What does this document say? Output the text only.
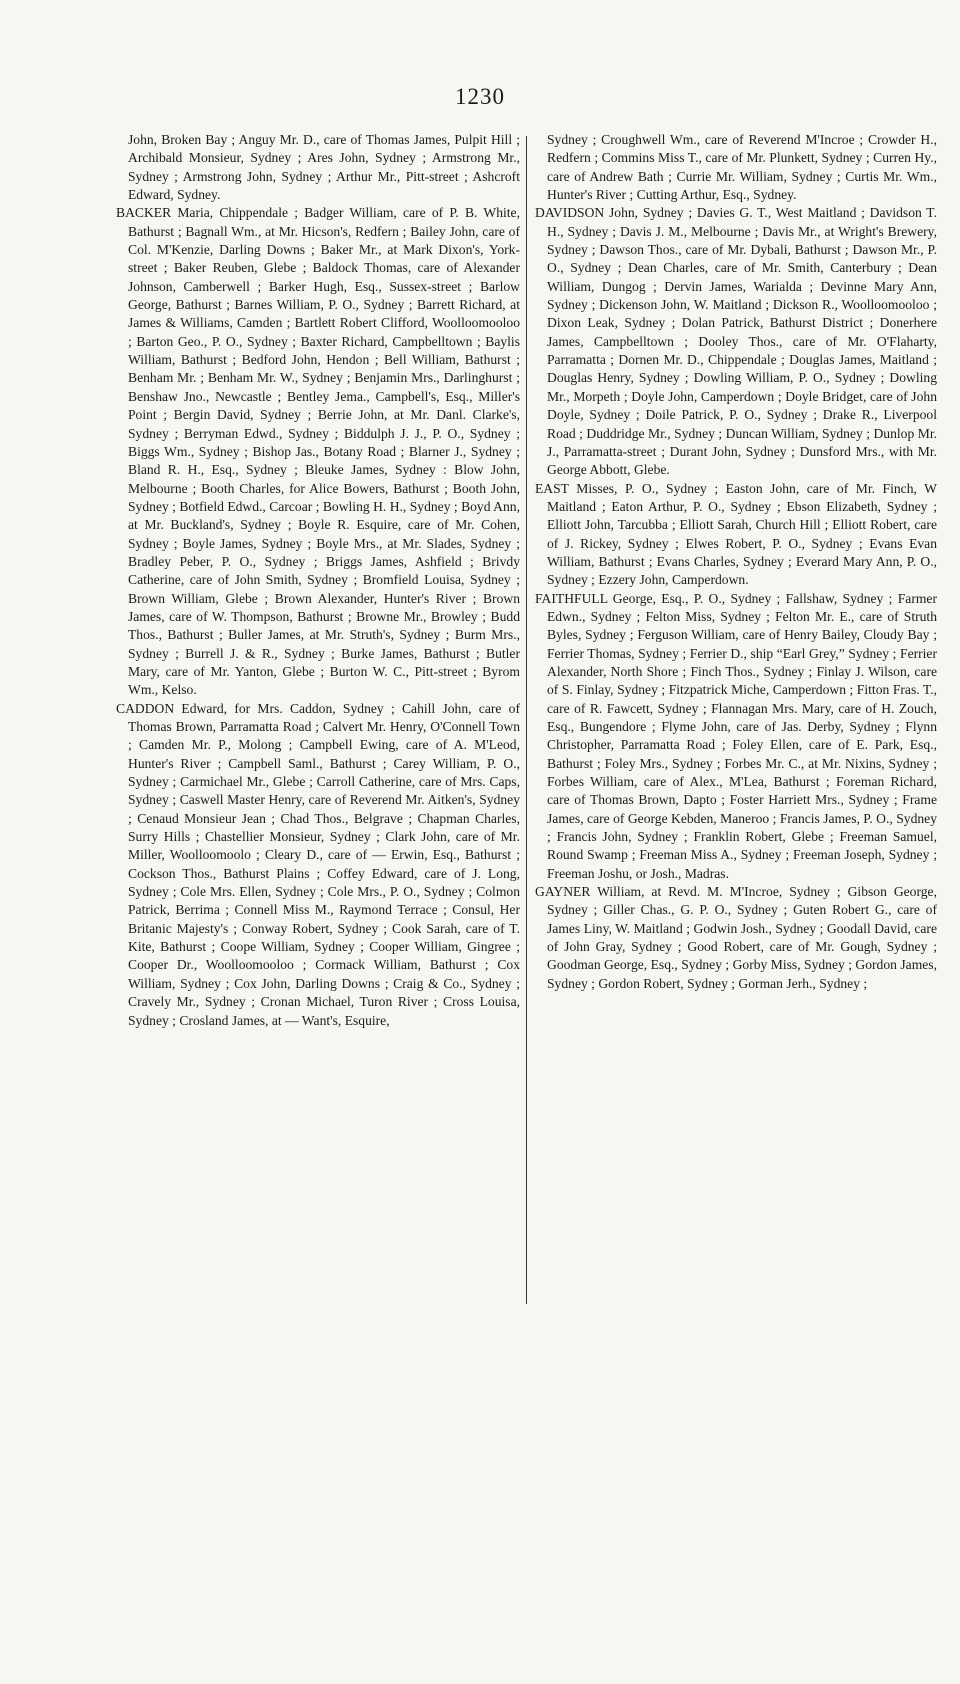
1230

John, Broken Bay ; Anguy Mr. D., care of Thomas James, Pulpit Hill ; Archibald Monsieur, Sydney ; Ares John, Sydney ; Armstrong Mr., Sydney ; Armstrong John, Sydney ; Arthur Mr., Pitt-street ; Ashcroft Edward, Sydney.

BACKER Maria, Chippendale ; Badger William, care of P. B. White, Bathurst ; Bagnall Wm., at Mr. Hicson's, Redfern ; Bailey John, care of Col. M'Kenzie, Darling Downs ; Baker Mr., at Mark Dixon's, York-street ; Baker Reuben, Glebe ; Baldock Thomas, care of Alexander Johnson, Camberwell ; Barker Hugh, Esq., Sussex-street ; Barlow George, Bathurst ; Barnes William, P. O., Sydney ; Barrett Richard, at James & Williams, Camden ; Bartlett Robert Clifford, Woolloomooloo ; Barton Geo., P. O., Sydney ; Baxter Richard, Campbelltown ; Baylis William, Bathurst ; Bedford John, Hendon ; Bell William, Bathurst ; Benham Mr. ; Benham Mr. W., Sydney ; Benjamin Mrs., Darlinghurst ; Benshaw Jno., Newcastle ; Bentley Jema., Campbell's, Esq., Miller's Point ; Bergin David, Sydney ; Berrie John, at Mr. Danl. Clarke's, Sydney ; Berryman Edwd., Sydney ; Biddulph J. J., P. O., Sydney ; Biggs Wm., Sydney ; Bishop Jas., Botany Road ; Blarner J., Sydney ; Bland R. H., Esq., Sydney ; Bleuke James, Sydney : Blow John, Melbourne ; Booth Charles, for Alice Bowers, Bathurst ; Booth John, Sydney ; Botfield Edwd., Carcoar ; Bowling H. H., Sydney ; Boyd Ann, at Mr. Buckland's, Sydney ; Boyle R. Esquire, care of Mr. Cohen, Sydney ; Boyle James, Sydney ; Boyle Mrs., at Mr. Slades, Sydney ; Bradley Peber, P. O., Sydney ; Briggs James, Ashfield ; Brivdy Catherine, care of John Smith, Sydney ; Bromfield Louisa, Sydney ; Brown William, Glebe ; Brown Alexander, Hunter's River ; Brown James, care of W. Thompson, Bathurst ; Browne Mr., Browley ; Budd Thos., Bathurst ; Buller James, at Mr. Struth's, Sydney ; Burm Mrs., Sydney ; Burrell J. & R., Sydney ; Burke James, Bathurst ; Butler Mary, care of Mr. Yanton, Glebe ; Burton W. C., Pitt-street ; Byrom Wm., Kelso.

CADDON Edward, for Mrs. Caddon, Sydney ; Cahill John, care of Thomas Brown, Parramatta Road ; Calvert Mr. Henry, O'Connell Town ; Camden Mr. P., Molong ; Campbell Ewing, care of A. M'Leod, Hunter's River ; Campbell Saml., Bathurst ; Carey William, P. O., Sydney ; Carmichael Mr., Glebe ; Carroll Catherine, care of Mrs. Caps, Sydney ; Caswell Master Henry, care of Reverend Mr. Aitken's, Sydney ; Cenaud Monsieur Jean ; Chad Thos., Belgrave ; Chapman Charles, Surry Hills ; Chastellier Monsieur, Sydney ; Clark John, care of Mr. Miller, Woolloomoolo ; Cleary D., care of — Erwin, Esq., Bathurst ; Cockson Thos., Bathurst Plains ; Coffey Edward, care of J. Long, Sydney ; Cole Mrs. Ellen, Sydney ; Cole Mrs., P. O., Sydney ; Colmon Patrick, Berrima ; Connell Miss M., Raymond Terrace ; Consul, Her Britanic Majesty's ; Conway Robert, Sydney ; Cook Sarah, care of T. Kite, Bathurst ; Coope William, Sydney ; Cooper William, Gingree ; Cooper Dr., Woolloomooloo ; Cormack William, Bathurst ; Cox William, Sydney ; Cox John, Darling Downs ; Craig & Co., Sydney ; Cravely Mr., Sydney ; Cronan Michael, Turon River ; Cross Louisa, Sydney ; Crosland James, at — Want's, Esquire,

Sydney ; Croughwell Wm., care of Reverend M'Incroe ; Crowder H., Redfern ; Commins Miss T., care of Mr. Plunkett, Sydney ; Curren Hy., care of Andrew Bath ; Currie Mr. William, Sydney ; Curtis Mr. Wm., Hunter's River ; Cutting Arthur, Esq., Sydney.

DAVIDSON John, Sydney ; Davies G. T., West Maitland ; Davidson T. H., Sydney ; Davis J. M., Melbourne ; Davis Mr., at Wright's Brewery, Sydney ; Dawson Thos., care of Mr. Dybali, Bathurst ; Dawson Mr., P. O., Sydney ; Dean Charles, care of Mr. Smith, Canterbury ; Dean William, Dungog ; Dervin James, Warialda ; Devinne Mary Ann, Sydney ; Dickenson John, W. Maitland ; Dickson R., Woolloomooloo ; Dixon Leak, Sydney ; Dolan Patrick, Bathurst District ; Donerhere James, Campbelltown ; Dooley Thos., care of Mr. O'Flaharty, Parramatta ; Dornen Mr. D., Chippendale ; Douglas James, Maitland ; Douglas Henry, Sydney ; Dowling William, P. O., Sydney ; Dowling Mr., Morpeth ; Doyle John, Camperdown ; Doyle Bridget, care of John Doyle, Sydney ; Doile Patrick, P. O., Sydney ; Drake R., Liverpool Road ; Duddridge Mr., Sydney ; Duncan William, Sydney ; Dunlop Mr. J., Parramatta-street ; Durant John, Sydney ; Dunsford Mrs., with Mr. George Abbott, Glebe.

EAST Misses, P. O., Sydney ; Easton John, care of Mr. Finch, W Maitland ; Eaton Arthur, P. O., Sydney ; Ebson Elizabeth, Sydney ; Elliott John, Tarcubba ; Elliott Sarah, Church Hill ; Elliott Robert, care of J. Rickey, Sydney ; Elwes Robert, P. O., Sydney ; Evans Evan William, Bathurst ; Evans Charles, Sydney ; Everard Mary Ann, P. O., Sydney ; Ezzery John, Camperdown.

FAITHFULL George, Esq., P. O., Sydney ; Fallshaw, Sydney ; Farmer Edwn., Sydney ; Felton Miss, Sydney ; Felton Mr. E., care of Struth Byles, Sydney ; Ferguson William, care of Henry Bailey, Cloudy Bay ; Ferrier Thomas, Sydney ; Ferrier D., ship “Earl Grey,” Sydney ; Ferrier Alexander, North Shore ; Finch Thos., Sydney ; Finlay J. Wilson, care of S. Finlay, Sydney ; Fitzpatrick Miche, Camperdown ; Fitton Fras. T., care of R. Fawcett, Sydney ; Flannagan Mrs. Mary, care of H. Zouch, Esq., Bungendore ; Flyme John, care of Jas. Derby, Sydney ; Flynn Christopher, Parramatta Road ; Foley Ellen, care of E. Park, Esq., Bathurst ; Foley Mrs., Sydney ; Forbes Mr. C., at Mr. Nixins, Sydney ; Forbes William, care of Alex., M'Lea, Bathurst ; Foreman Richard, care of Thomas Brown, Dapto ; Foster Harriett Mrs., Sydney ; Frame James, care of George Kebden, Maneroo ; Francis James, P. O., Sydney ; Francis John, Sydney ; Franklin Robert, Glebe ; Freeman Samuel, Round Swamp ; Freeman Miss A., Sydney ; Freeman Joseph, Sydney ; Freeman Joshu, or Josh., Madras.

GAYNER William, at Revd. M. M'Incroe, Sydney ; Gibson George, Sydney ; Giller Chas., G. P. O., Sydney ; Guten Robert G., care of James Liny, W. Maitland ; Godwin Josh., Sydney ; Goodall David, care of John Gray, Sydney ; Good Robert, care of Mr. Gough, Sydney ; Goodman George, Esq., Sydney ; Gorby Miss, Sydney ; Gordon James, Sydney ; Gordon Robert, Sydney ; Gorman Jerh., Sydney ;
